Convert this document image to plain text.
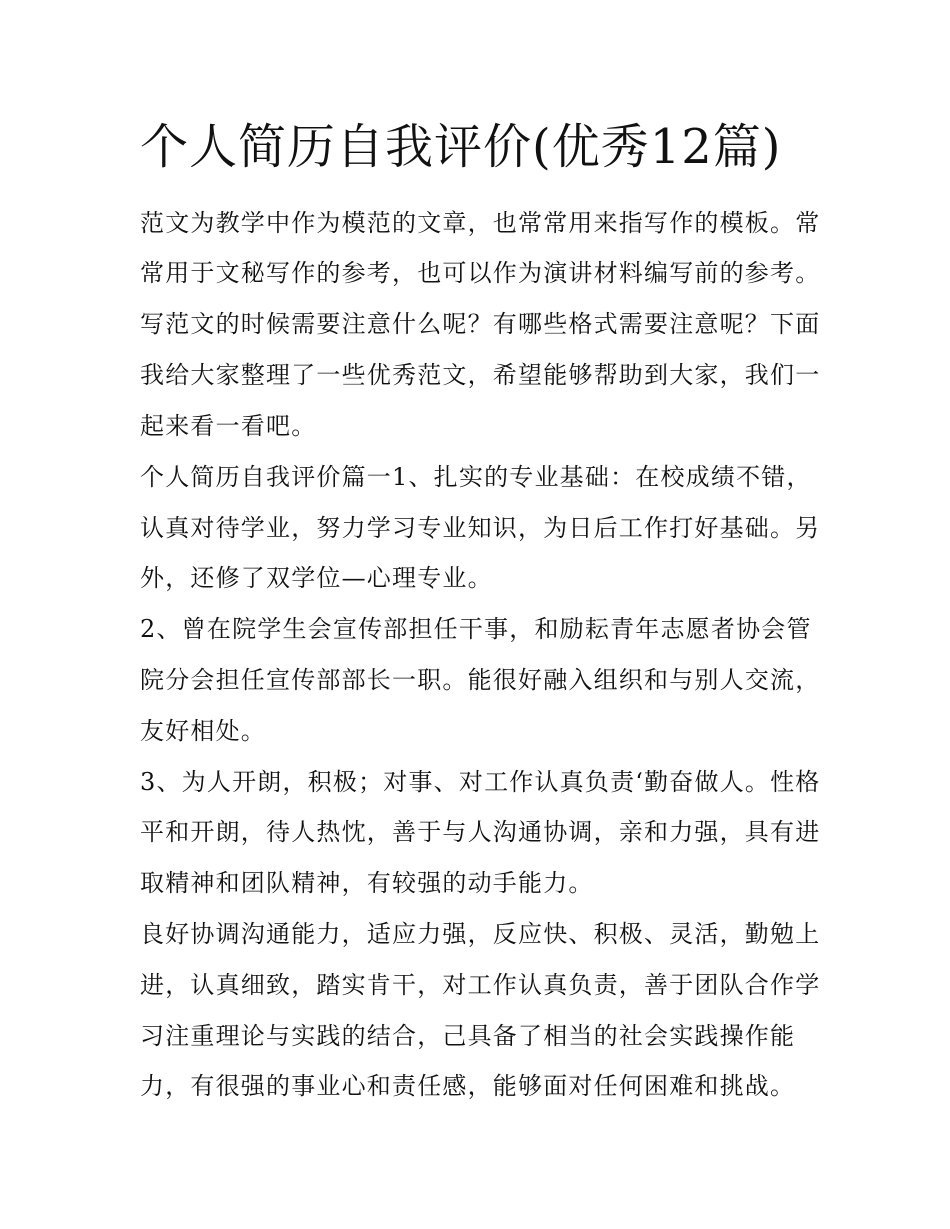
个人简历自我评价(优秀12篇)

范文为教学中作为模范的文章，也常常用来指写作的模板。常

常用于文秘写作的参考，也可以作为演讲材料编写前的参考。

写范文的时候需要注意什么呢？有哪些格式需要注意呢？下面

我给大家整理了一些优秀范文，希望能够帮助到大家，我们一

起来看一看吧。

个人简历自我评价篇一1、扎实的专业基础：在校成绩不错，

认真对待学业，努力学习专业知识，为日后工作打好基础。另

外，还修了双学位—心理专业。

2、曾在院学生会宣传部担任干事，和励耘青年志愿者协会管

院分会担任宣传部部长一职。能很好融入组织和与别人交流，

友好相处。

3、为人开朗，积极；对事、对工作认真负责‘勤奋做人。性格

平和开朗，待人热忱，善于与人沟通协调，亲和力强，具有进

取精神和团队精神，有较强的动手能力。

良好协调沟通能力，适应力强，反应快、积极、灵活，勤勉上

进，认真细致，踏实肯干，对工作认真负责，善于团队合作学

习注重理论与实践的结合，己具备了相当的社会实践操作能

力，有很强的事业心和责任感，能够面对任何困难和挑战。
